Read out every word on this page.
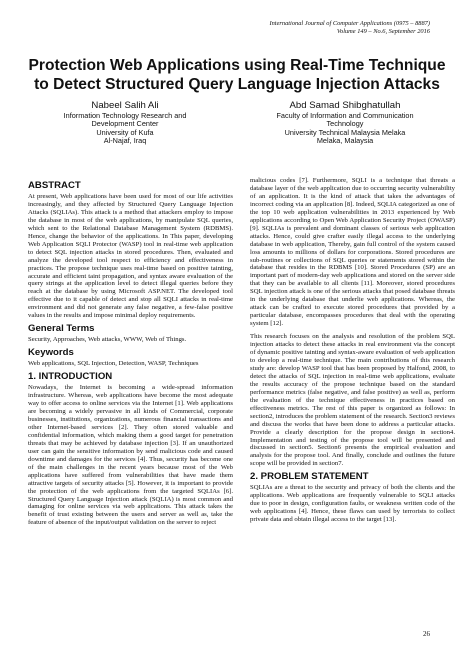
International Journal of Computer Applications (0975 – 8887)
Volume 149 – No.6, September 2016
Protection Web Applications using Real-Time Technique
to Detect Structured Query Language Injection Attacks
Nabeel Salih Ali
Information Technology Research and
Development Center
University of Kufa
Al-Najaf, Iraq
Abd Samad Shibghatullah
Faculty of Information and Communication
Technology
University Technical Malaysia Melaka
Melaka, Malaysia
ABSTRACT

At present, Web applications have been used for most of our life activities increasingly, and they affected by Structured Query Language Injection Attacks (SQLIAs). This attack is a method that attackers employ to impose the database in most of the web applications, by manipulate SQL queries, which sent to the Relational Database Management System (RDBMS). Hence, change the behavior of the applications. In This paper, developing Web Application SQLI Protector (WASP) tool in real-time web application to detect SQL injection attacks in stored procedures. Then, evaluated and analyze the developed tool respect to efficiency and effectiveness in practices. The propose technique uses real-time based on positive tainting, accurate and efficient taint propagation, and syntax aware evaluation of the query strings at the application level to detect illegal queries before they reach at the database by using Microsoft ASP.NET. The developed tool effective due to it capable of detect and stop all SQLI attacks in real-time environment and did not generate any false negative, a few-false positive values in the results and impose minimal deploy requirements.

General Terms

Security, Approaches, Web attacks, WWW, Web of Things.

Keywords

Web applications, SQL Injection, Detection, WASP, Techniques

1. INTRODUCTION

Nowadays, the Internet is becoming a wide-spread information infrastructure. Whereas, web applications have become the most adequate way to offer access to online services via the Internet [1]. Web applications are becoming a widely pervasive in all kinds of Commercial, corporate businesses, institutions, organizations, numerous financial transactions and other Internet-based services [2]. They often stored valuable and confidential information, which making them a good target for penetration threats that may be achieved by database injection [3]. If an unauthorized user can gain the sensitive information by send malicious code and caused downtime and damages for the services [4]. Thus, security has become one of the main challenges in the recent years because most of the Web applications have suffered from vulnerabilities that have made them attractive targets of security attacks [5]. However, it is important to provide the protection of the web applications from the targeted SQLIAs [6]. Structured Query Language Injection attack (SQLIA) is most common and damaging for online services via web applications. This attack takes the benefit of trust existing between the users and server as well as, take the feature of absence of the input/output validation on the server to reject

malicious codes [7]. Furthermore, SQLI is a technique that threats a database layer of the web application due to occurring security vulnerability of an application. It is the kind of attack that takes the advantages of incorrect coding via an application [8]. Indeed, SQLIA categorized as one of the top 10 web application vulnerabilities in 2013 experienced by Web applications according to Open Web Application Security Project (OWASP) [9]. SQLIAs is prevalent and dominant classes of serious web application attacks. Hence, could give crafter easily illegal access to the underlying database in web application, Thereby, gain full control of the system caused loss amounts to millions of dollars for corporations. Stored procedures are sub-routines or collections of SQL queries or statements stored within the database that resides in the RDBMS [10]. Stored Procedures (SP) are an important part of modern-day web applications and stored on the server side that they can be available to all clients [11]. Moreover, stored procedures SQL injection attack is one of the serious attacks that posed database threats in the underlying database that underlie web applications. Whereas, the attack can be crafted to execute stored procedures that provided by a particular database, encompasses procedures that deal with the operating system [12].

This research focuses on the analysis and resolution of the problem SQL injection attacks to detect these attacks in real environment via the concept of dynamic positive tainting and syntax-aware evaluation of web application to develop a real-time technique. The main contributions of this research study are: develop WASP tool that has been proposed by Halfond, 2008, to detect the attacks of SQL injection in real-time web applications, evaluate the results accuracy of the propose technique based on the standard performance metrics (false negative, and false positive) as well as, perform the evaluation of the technique effectiveness in practices based on effectiveness metrics. The rest of this paper is organized as follows: In section2, introduces the problem statement of the research. Section3 reviews and discuss the works that have been done to address a particular attacks. Provide a clearly description for the propose design in section4. Implementation and testing of the propose tool will be presented and discussed in section5. Section6 presents the empirical evaluation and analysis for the propose tool. And finally, conclude and outlines the future scope will be provided in section7.

2. PROBLEM STATEMENT

SQLIAs are a threat to the security and privacy of both the clients and the applications. Web applications are frequently vulnerable to SQLI attacks due to poor in design, configuration faults, or weakness written code of the web applications [4]. Hence, these flaws can used by terrorists to collect private data and obtain illegal access to the target [13].

26
